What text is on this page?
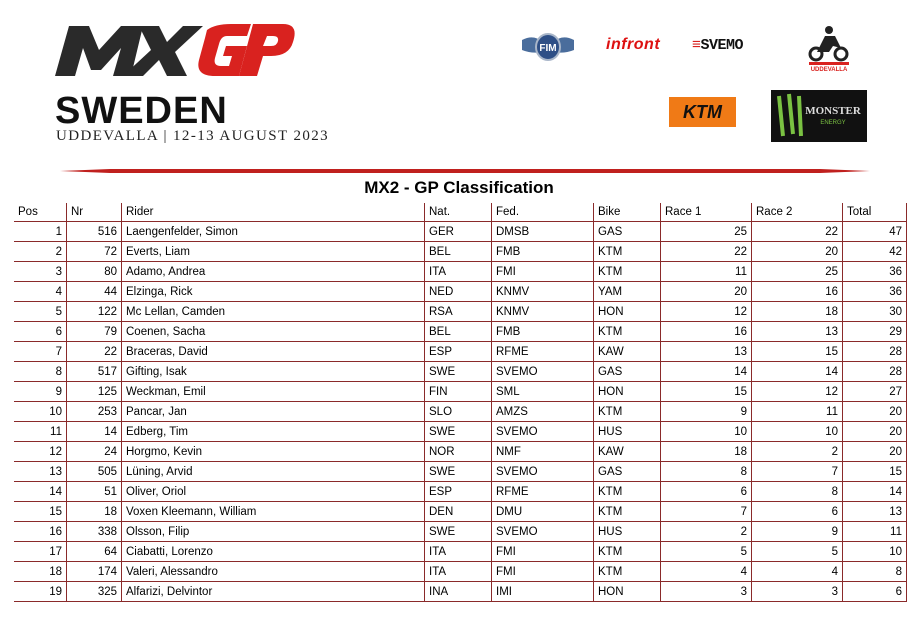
SWEDEN
UDDEVALLA | 12-13 AUGUST 2023
FIM	infront ≡SVEMO
UDDEVALLA
KTM	MONSTER
ENERGY
MX2 - GP Classification
Pos	Nr	Rider	Nat.	Fed.	Bike	Race 1	Race 2	Total
1	516	Laengenfelder, Simon	GER	DMSB	GAS	25	22	47
2	72	Everts, Liam	BEL	FMB	KTM	22	20	42
3	80	Adamo, Andrea	ITA	FMI	KTM	11	25	36
4	44	Elzinga, Rick	NED	KNMV	YAM	20	16	36
5	122	Mc Lellan, Camden	RSA	KNMV	HON	12	18	30
6	79	Coenen, Sacha	BEL	FMB	KTM	16	13	29
7	22	Braceras, David	ESP	RFME	KAW	13	15	28
8	517	Gifting, Isak	SWE	SVEMO	GAS	14	14	28
9	125	Weckman, Emil	FIN	SML	HON	15	12	27
10	253	Pancar, Jan	SLO	AMZS	KTM	9	11	20
11	14	Edberg, Tim	SWE	SVEMO	HUS	10	10	20
12	24	Horgmo, Kevin	NOR	NMF	KAW	18	2	20
13	505	Lüning, Arvid	SWE	SVEMO	GAS	8	7	15
14	51	Oliver, Oriol	ESP	RFME	KTM	6	8	14
15	18	Voxen Kleemann, William	DEN	DMU	KTM	7	6	13
16	338	Olsson, Filip	SWE	SVEMO	HUS	2	9	11
17	64	Ciabatti, Lorenzo	ITA	FMI	KTM	5	5	10
18	174	Valeri, Alessandro	ITA	FMI	KTM	4	4	8
19	325	Alfarizi, Delvintor	INA	IMI	HON	3	3	6
